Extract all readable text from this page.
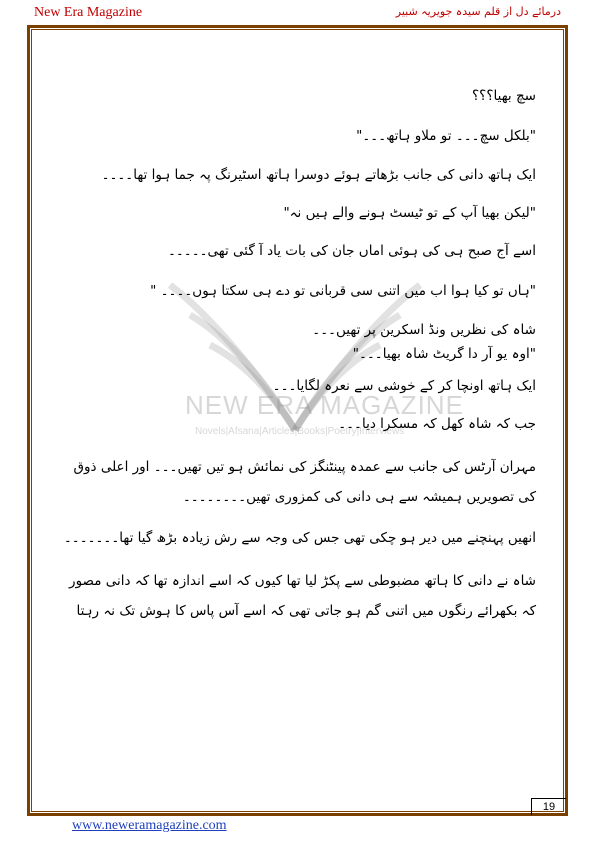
New Era Magazine	درمائے دل از قلم سیدہ جویریہ شبیر
NEW ERA MAGAZINE
Novels|Afsana|Articles|Books|Poetry|Interviews

سچ بھیا؟؟؟

"بلکل سچ۔۔۔ تو ملاو ہاتھ۔۔۔"

ایک ہاتھ دانی کی جانب بڑھاتے ہوئے دوسرا ہاتھ اسٹیرنگ پہ جما ہوا تھا۔۔۔۔

"لیکن بھیا آپ کے تو ٹیسٹ ہونے والے ہیں نہ"

اسے آج صبح ہی کی ہوئی اماں جان کی بات یاد آ گئی تھی۔۔۔۔۔

"ہاں تو کیا ہوا اب میں اتنی سی قربانی تو دے ہی سکتا ہوں۔۔۔۔ "

شاہ کی نظریں ونڈ اسکرین پر تھیں۔۔۔

"اوہ یو آر دا گریٹ شاہ بھیا۔۔۔"

ایک ہاتھ اونچا کر کے خوشی سے نعرہ لگایا۔۔۔

جب کہ شاہ کھل کہ مسکرا دیا۔۔۔

مہران آرٹس کی جانب سے عمدہ پینٹنگز کی نمائش ہو تیں تھیں۔۔۔ اور اعلی ذوق کی تصویریں ہمیشہ سے ہی دانی کی کمزوری تھیں۔۔۔۔۔۔۔۔

انھیں پہنچنے میں دیر ہو چکی تھی جس کی وجہ سے رش زیادہ بڑھ گیا تھا۔۔۔۔۔۔۔

شاہ نے دانی کا ہاتھ مضبوطی سے پکڑ لیا تھا کیوں کہ اسے اندازہ تھا کہ دانی مصور کہ بکھرائے رنگوں میں اتنی گم ہو جاتی تھی کہ اسے آس پاس کا ہوش تک نہ رہتا

19
www.neweramagazine.com
